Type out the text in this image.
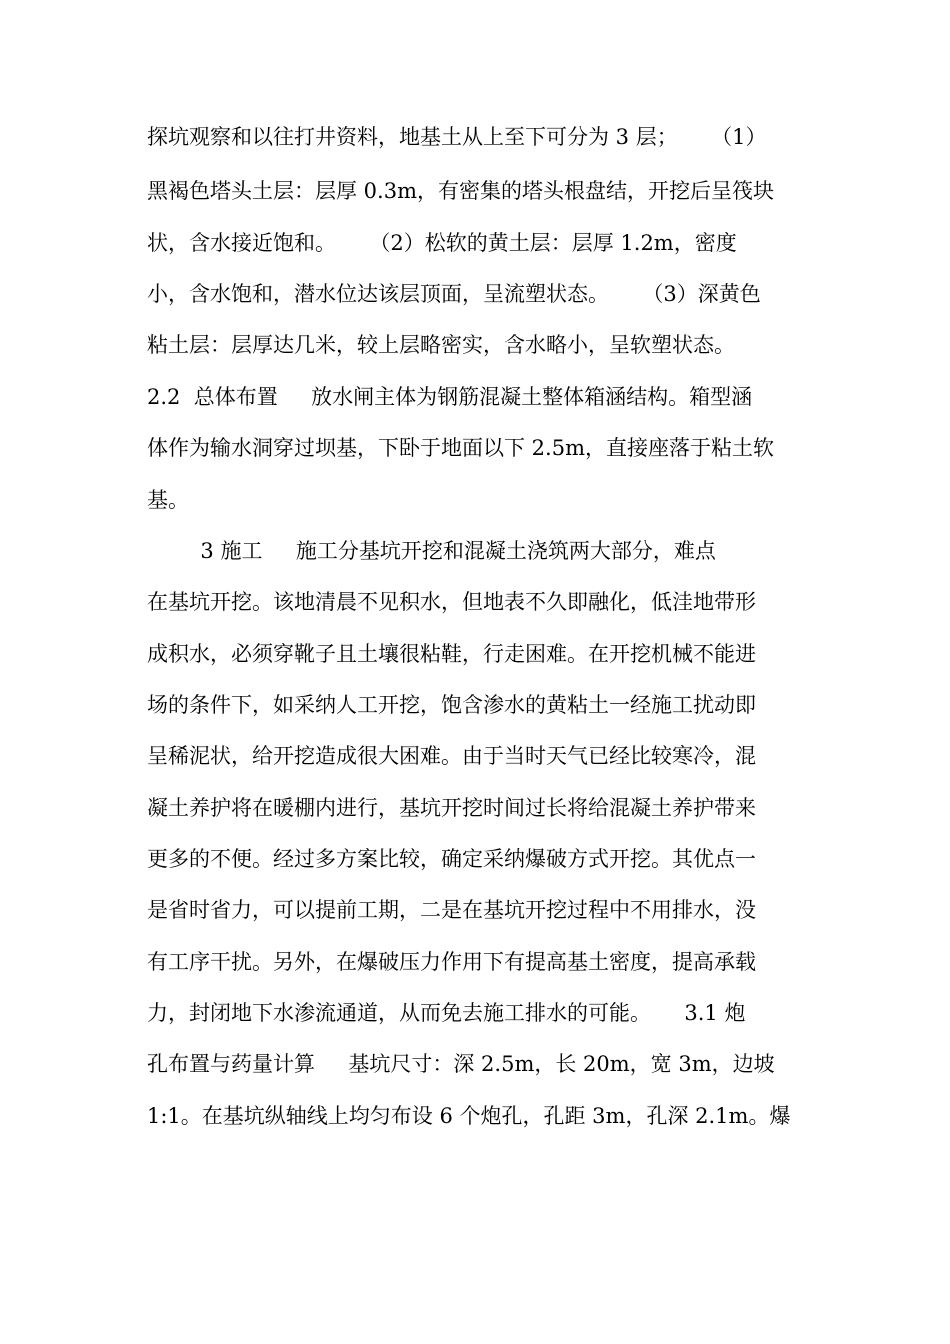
探坑观察和以往打井资料，地基土从上至下可分为 3 层；     （1）
黑褐色塔头土层：层厚 0.3m，有密集的塔头根盘结，开挖后呈筏块
状，含水接近饱和。     （2）松软的黄土层：层厚 1.2m，密度
小，含水饱和，潜水位达该层顶面，呈流塑状态。     （3）深黄色
粘土层：层厚达几米，较上层略密实，含水略小，呈软塑状态。
2.2  总体布置     放水闸主体为钢筋混凝土整体箱涵结构。箱型涵
体作为输水洞穿过坝基，下卧于地面以下 2.5m，直接座落于粘土软
基。
3 施工     施工分基坑开挖和混凝土浇筑两大部分，难点
在基坑开挖。该地清晨不见积水，但地表不久即融化，低洼地带形
成积水，必须穿靴子且土壤很粘鞋，行走困难。在开挖机械不能进
场的条件下，如采纳人工开挖，饱含渗水的黄粘土一经施工扰动即
呈稀泥状，给开挖造成很大困难。由于当时天气已经比较寒冷，混
凝土养护将在暖棚内进行，基坑开挖时间过长将给混凝土养护带来
更多的不便。经过多方案比较，确定采纳爆破方式开挖。其优点一
是省时省力，可以提前工期，二是在基坑开挖过程中不用排水，没
有工序干扰。另外，在爆破压力作用下有提高基土密度，提高承载
力，封闭地下水渗流通道，从而免去施工排水的可能。     3.1 炮
孔布置与药量计算     基坑尺寸：深 2.5m，长 20m，宽 3m，边坡
1:1。在基坑纵轴线上均匀布设 6 个炮孔，孔距 3m，孔深 2.1m。爆
